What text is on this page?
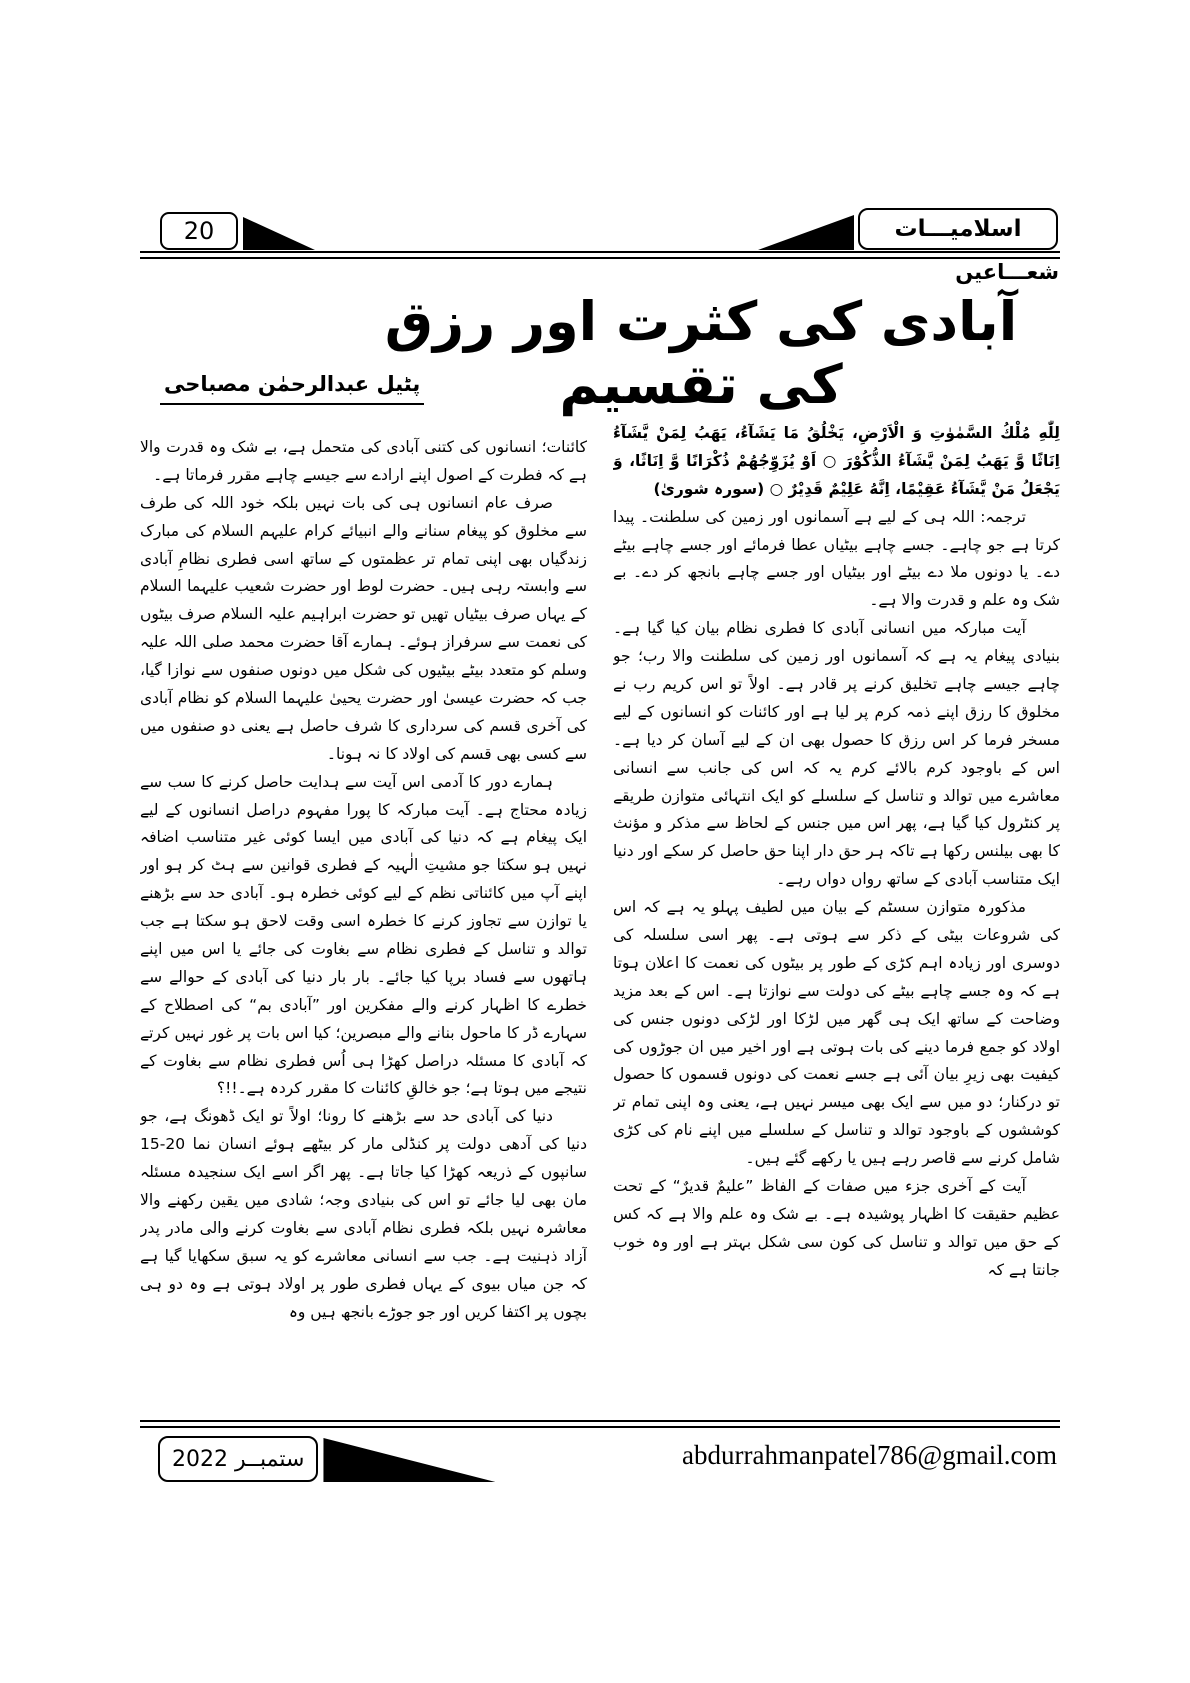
20	اسلامیـــات
شعـــاعیں
آبادی کی کثرت اور رزق کی تقسیم
پٹیل عبدالرحمٰن مصباحی

لِلّٰهِ مُلْكُ السَّمٰوٰتِ وَ الْاَرْضِ، يَخْلُقُ مَا يَشَآءُ، يَهَبُ لِمَنْ يَّشَآءُ اِنَاثًا وَّ يَهَبُ لِمَنْ يَّشَآءُ الذُّكُوْرَ ○ اَوْ يُزَوِّجُهُمْ ذُكْرَانًا وَّ اِنَاثًا، وَ يَجْعَلُ مَنْ يَّشَآءُ عَقِيْمًا، اِنَّهُ عَلِيْمٌ قَدِيْرٌ ○ (سورہ شوریٰ)

ترجمہ: اللہ ہی کے لیے ہے آسمانوں اور زمین کی سلطنت۔ پیدا کرتا ہے جو چاہے۔ جسے چاہے بیٹیاں عطا فرمائے اور جسے چاہے بیٹے دے۔ یا دونوں ملا دے بیٹے اور بیٹیاں اور جسے چاہے بانجھ کر دے۔ بے شک وہ علم و قدرت والا ہے۔

آیت مبارکہ میں انسانی آبادی کا فطری نظام بیان کیا گیا ہے۔ بنیادی پیغام یہ ہے کہ آسمانوں اور زمین کی سلطنت والا رب؛ جو چاہے جیسے چاہے تخلیق کرنے پر قادر ہے۔ اولاً تو اس کریم رب نے مخلوق کا رزق اپنے ذمہ کرم پر لیا ہے اور کائنات کو انسانوں کے لیے مسخر فرما کر اس رزق کا حصول بھی ان کے لیے آسان کر دیا ہے۔ اس کے باوجود کرم بالائے کرم یہ کہ اس کی جانب سے انسانی معاشرے میں توالد و تناسل کے سلسلے کو ایک انتہائی متوازن طریقے پر کنٹرول کیا گیا ہے، پھر اس میں جنس کے لحاظ سے مذکر و مؤنث کا بھی بیلنس رکھا ہے تاکہ ہر حق دار اپنا حق حاصل کر سکے اور دنیا ایک متناسب آبادی کے ساتھ رواں دواں رہے۔

مذکورہ متوازن سسٹم کے بیان میں لطیف پہلو یہ ہے کہ اس کی شروعات بیٹی کے ذکر سے ہوتی ہے۔ پھر اسی سلسلہ کی دوسری اور زیادہ اہم کڑی کے طور پر بیٹوں کی نعمت کا اعلان ہوتا ہے کہ وہ جسے چاہے بیٹے کی دولت سے نوازتا ہے۔ اس کے بعد مزید وضاحت کے ساتھ ایک ہی گھر میں لڑکا اور لڑکی دونوں جنس کی اولاد کو جمع فرما دینے کی بات ہوتی ہے اور اخیر میں ان جوڑوں کی کیفیت بھی زیرِ بیان آئی ہے جسے نعمت کی دونوں قسموں کا حصول تو درکنار؛ دو میں سے ایک بھی میسر نہیں ہے، یعنی وہ اپنی تمام تر کوششوں کے باوجود توالد و تناسل کے سلسلے میں اپنے نام کی کڑی شامل کرنے سے قاصر رہے ہیں یا رکھے گئے ہیں۔

آیت کے آخری جزء میں صفات کے الفاظ ”علیمٌ قدیرٌ“ کے تحت عظیم حقیقت کا اظہار پوشیدہ ہے۔ بے شک وہ علم والا ہے کہ کس کے حق میں توالد و تناسل کی کون سی شکل بہتر ہے اور وہ خوب جانتا ہے کہ

کائنات؛ انسانوں کی کتنی آبادی کی متحمل ہے، بے شک وہ قدرت والا ہے کہ فطرت کے اصول اپنے ارادے سے جیسے چاہے مقرر فرماتا ہے۔

صرف عام انسانوں ہی کی بات نہیں بلکہ خود اللہ کی طرف سے مخلوق کو پیغام سنانے والے انبیائے کرام علیہم السلام کی مبارک زندگیاں بھی اپنی تمام تر عظمتوں کے ساتھ اسی فطری نظامِ آبادی سے وابستہ رہی ہیں۔ حضرت لوط اور حضرت شعیب علیہما السلام کے یہاں صرف بیٹیاں تھیں تو حضرت ابراہیم علیہ السلام صرف بیٹوں کی نعمت سے سرفراز ہوئے۔ ہمارے آقا حضرت محمد صلی اللہ علیہ وسلم کو متعدد بیٹے بیٹیوں کی شکل میں دونوں صنفوں سے نوازا گیا، جب کہ حضرت عیسیٰ اور حضرت یحییٰ علیہما السلام کو نظام آبادی کی آخری قسم کی سرداری کا شرف حاصل ہے یعنی دو صنفوں میں سے کسی بھی قسم کی اولاد کا نہ ہونا۔

ہمارے دور کا آدمی اس آیت سے ہدایت حاصل کرنے کا سب سے زیادہ محتاج ہے۔ آیت مبارکہ کا پورا مفہوم دراصل انسانوں کے لیے ایک پیغام ہے کہ دنیا کی آبادی میں ایسا کوئی غیر متناسب اضافہ نہیں ہو سکتا جو مشیتِ الٰہیہ کے فطری قوانین سے ہٹ کر ہو اور اپنے آپ میں کائناتی نظم کے لیے کوئی خطرہ ہو۔ آبادی حد سے بڑھنے یا توازن سے تجاوز کرنے کا خطرہ اسی وقت لاحق ہو سکتا ہے جب توالد و تناسل کے فطری نظام سے بغاوت کی جائے یا اس میں اپنے ہاتھوں سے فساد برپا کیا جائے۔ بار بار دنیا کی آبادی کے حوالے سے خطرے کا اظہار کرنے والے مفکرین اور ”آبادی بم“ کی اصطلاح کے سہارے ڈر کا ماحول بنانے والے مبصرین؛ کیا اس بات پر غور نہیں کرتے کہ آبادی کا مسئلہ دراصل کھڑا ہی اُس فطری نظام سے بغاوت کے نتیجے میں ہوتا ہے؛ جو خالقِ کائنات کا مقرر کردہ ہے۔!!؟

دنیا کی آبادی حد سے بڑھنے کا رونا؛ اولاً تو ایک ڈھونگ ہے، جو دنیا کی آدھی دولت پر کنڈلی مار کر بیٹھے ہوئے انسان نما 20-15 سانپوں کے ذریعہ کھڑا کیا جاتا ہے۔ پھر اگر اسے ایک سنجیدہ مسئلہ مان بھی لیا جائے تو اس کی بنیادی وجہ؛ شادی میں یقین رکھنے والا معاشرہ نہیں بلکہ فطری نظام آبادی سے بغاوت کرنے والی مادر پدر آزاد ذہنیت ہے۔ جب سے انسانی معاشرے کو یہ سبق سکھایا گیا ہے کہ جن میاں بیوی کے یہاں فطری طور پر اولاد ہوتی ہے وہ دو ہی بچوں پر اکتفا کریں اور جو جوڑے بانجھ ہیں وہ

ستمبــر 2022	abdurrahmanpatel786@gmail.com
